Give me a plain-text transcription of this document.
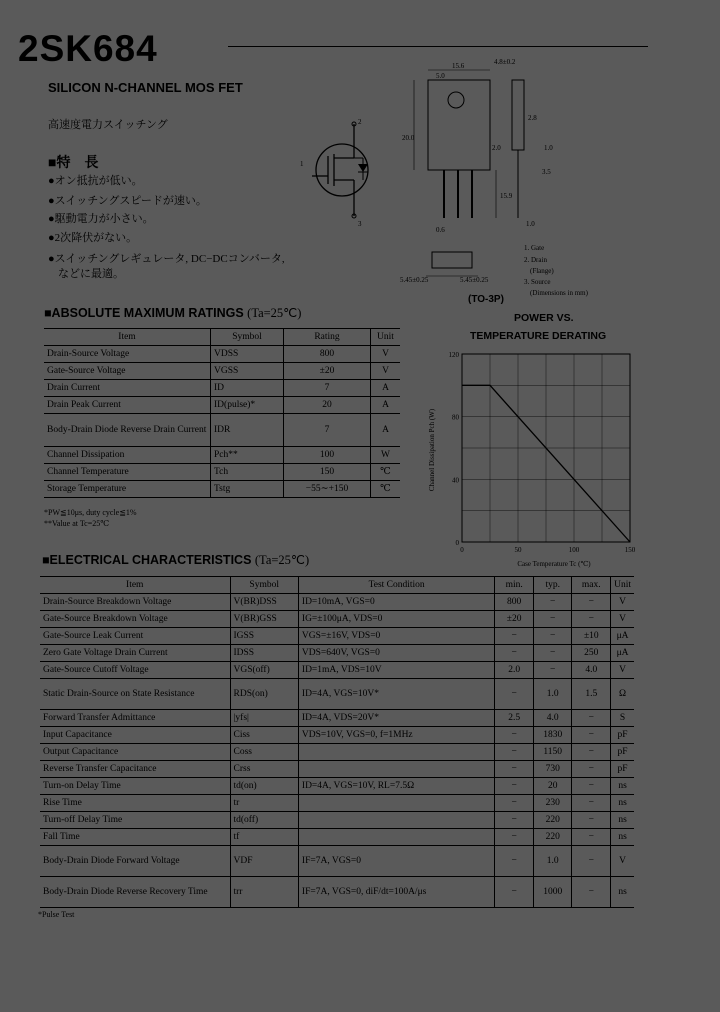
2SK684
SILICON N-CHANNEL MOS FET
高速度電力スイッチング
■特　長
●オン抵抗が低い。
●スイッチングスピードが速い。
●駆動電力が小さい。
●2次降伏がない。
●スイッチングレギュレータ, DC−DCコンバータ,
などに最適。
2
1
3
4.8±0.2
15.6
5.0
20.0
2.0
2.8
1.0
15.9
3.5
1.0
0.6
5.45±0.25	5.45±0.25
1. Gate
2. Drain
(Flange)
3. Source
(Dimensions in mm)
(TO-3P)
■ABSOLUTE MAXIMUM RATINGS (Ta=25℃)
Item	Symbol	Rating	Unit
Drain-Source Voltage	VDSS	800	V
Gate-Source Voltage	VGSS	±20	V
Drain Current	ID	7	A
Drain Peak Current	ID(pulse)*	20	A
Body-Drain Diode Reverse Drain Current	IDR	7	A
Channel Dissipation	Pch**	100	W
Channel Temperature	Tch	150	℃
Storage Temperature	Tstg	−55∼+150	℃
*PW≦10μs, duty cycle≦1%
**Value at Tc=25℃
POWER VS.
TEMPERATURE DERATING
0	50	100	150
0
40
80
120
Case Temperature Tc (℃)
Channel Dissipation Pch (W)
■ELECTRICAL CHARACTERISTICS (Ta=25℃)
Item	Symbol	Test Condition	min.	typ.	max.	Unit
Drain-Source Breakdown Voltage	V(BR)DSS	ID=10mA, VGS=0	800	−	−	V
Gate-Source Breakdown Voltage	V(BR)GSS	IG=±100μA, VDS=0	±20	−	−	V
Gate-Source Leak Current	IGSS	VGS=±16V, VDS=0	−	−	±10	μA
Zero Gate Voltage Drain Current	IDSS	VDS=640V, VGS=0	−	−	250	μA
Gate-Source Cutoff Voltage	VGS(off)	ID=1mA, VDS=10V	2.0	−	4.0	V
Static Drain-Source on State Resistance	RDS(on)	ID=4A, VGS=10V*	−	1.0	1.5	Ω
Forward Transfer Admittance	|yfs|	ID=4A, VDS=20V*	2.5	4.0	−	S
Input Capacitance	Ciss	VDS=10V, VGS=0, f=1MHz	−	1830	−	pF
Output Capacitance	Coss		−	1150	−	pF
Reverse Transfer Capacitance	Crss		−	730	−	pF
Turn-on Delay Time	td(on)	ID=4A, VGS=10V, RL=7.5Ω	−	20	−	ns
Rise Time	tr		−	230	−	ns
Turn-off Delay Time	td(off)		−	220	−	ns
Fall Time	tf		−	220	−	ns
Body-Drain Diode Forward Voltage	VDF	IF=7A, VGS=0	−	1.0	−	V
Body-Drain Diode Reverse Recovery Time	trr	IF=7A, VGS=0, diF/dt=100A/μs	−	1000	−	ns
*Pulse Test
